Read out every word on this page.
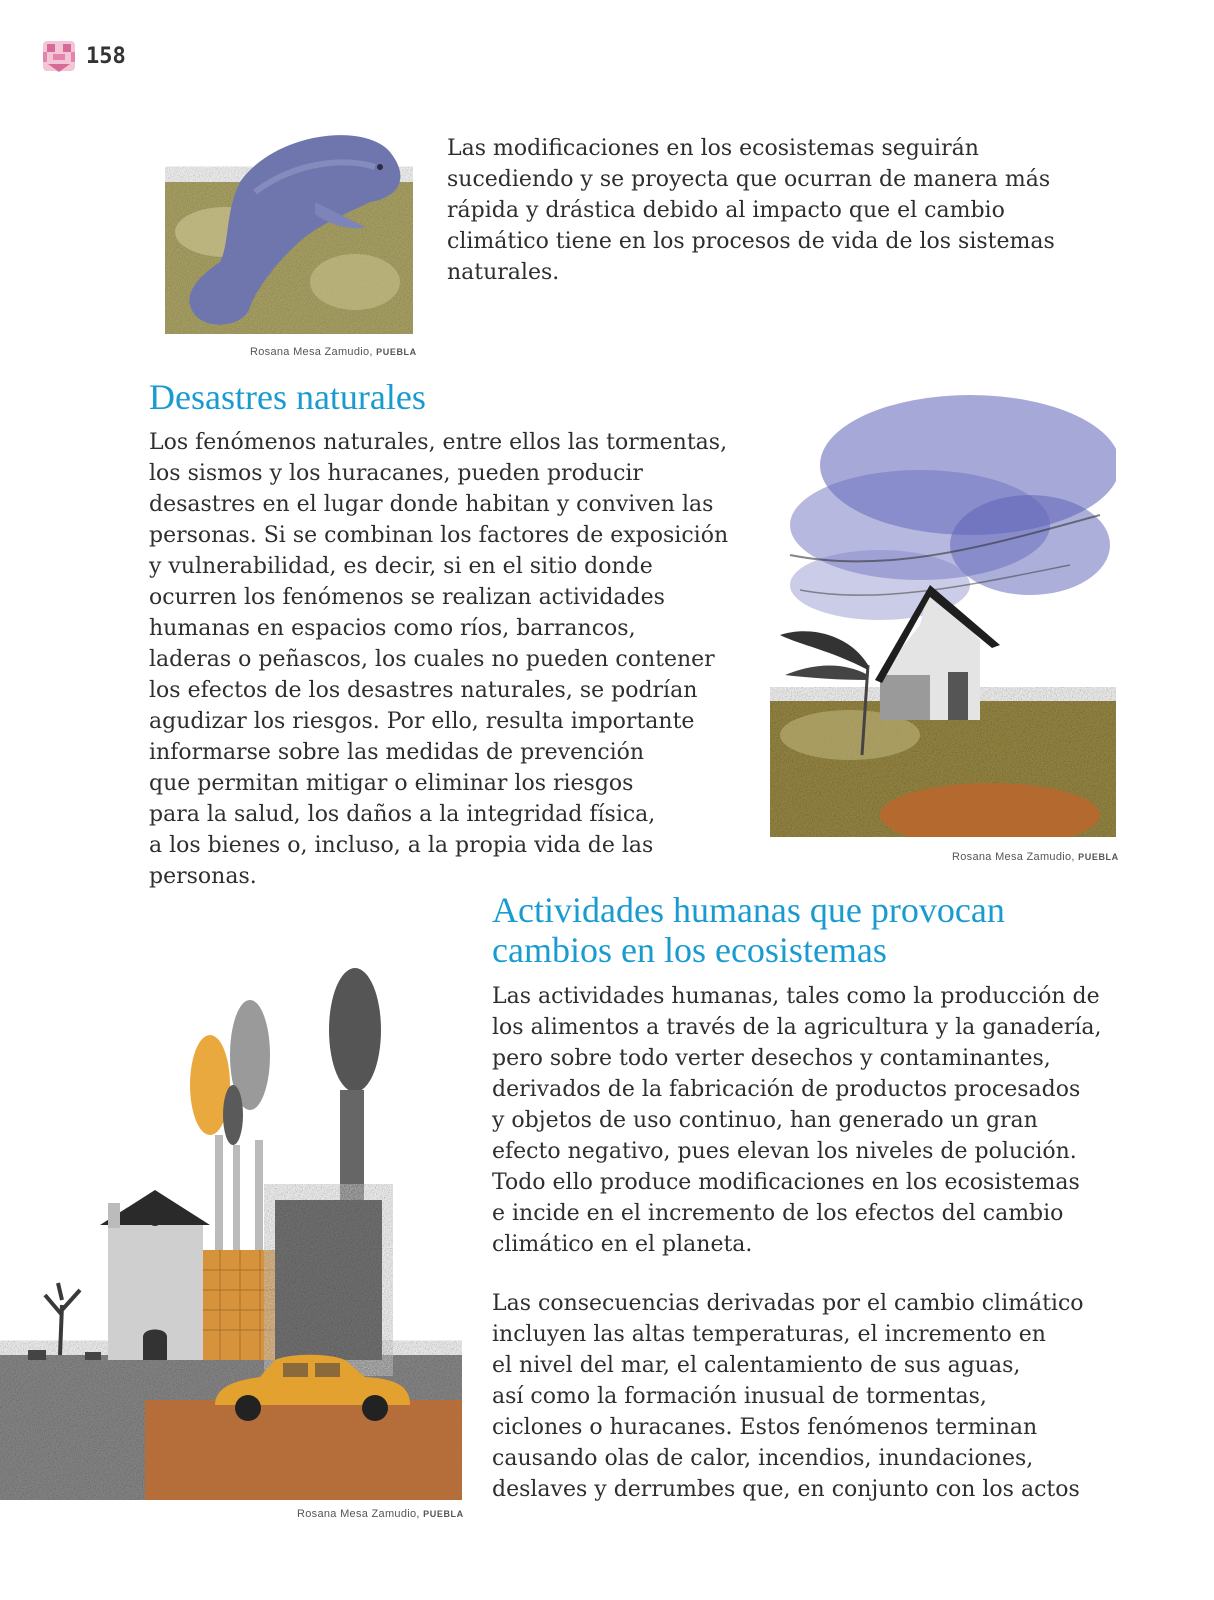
158
Rosana Mesa Zamudio, PUEBLA
Las modificaciones en los ecosistemas seguirán
sucediendo y se proyecta que ocurran de manera más
rápida y drástica debido al impacto que el cambio
climático tiene en los procesos de vida de los sistemas
naturales.
Desastres naturales
Los fenómenos naturales, entre ellos las tormentas,
los sismos y los huracanes, pueden producir
desastres en el lugar donde habitan y conviven las
personas. Si se combinan los factores de exposición
y vulnerabilidad, es decir, si en el sitio donde
ocurren los fenómenos se realizan actividades
humanas en espacios como ríos, barrancos,
laderas o peñascos, los cuales no pueden contener
los efectos de los desastres naturales, se podrían
agudizar los riesgos. Por ello, resulta importante
informarse sobre las medidas de prevención
que permitan mitigar o eliminar los riesgos
para la salud, los daños a la integridad física,
a los bienes o, incluso, a la propia vida de las
personas.
Rosana Mesa Zamudio, PUEBLA
Actividades humanas que provocan
cambios en los ecosistemas
Las actividades humanas, tales como la producción de
los alimentos a través de la agricultura y la ganadería,
pero sobre todo verter desechos y contaminantes,
derivados de la fabricación de productos procesados
y objetos de uso continuo, han generado un gran
efecto negativo, pues elevan los niveles de polución.
Todo ello produce modificaciones en los ecosistemas
e incide en el incremento de los efectos del cambio
climático en el planeta.
Las consecuencias derivadas por el cambio climático
incluyen las altas temperaturas, el incremento en
el nivel del mar, el calentamiento de sus aguas,
así como la formación inusual de tormentas,
ciclones o huracanes. Estos fenómenos terminan
causando olas de calor, incendios, inundaciones,
deslaves y derrumbes que, en conjunto con los actos
Rosana Mesa Zamudio, PUEBLA
